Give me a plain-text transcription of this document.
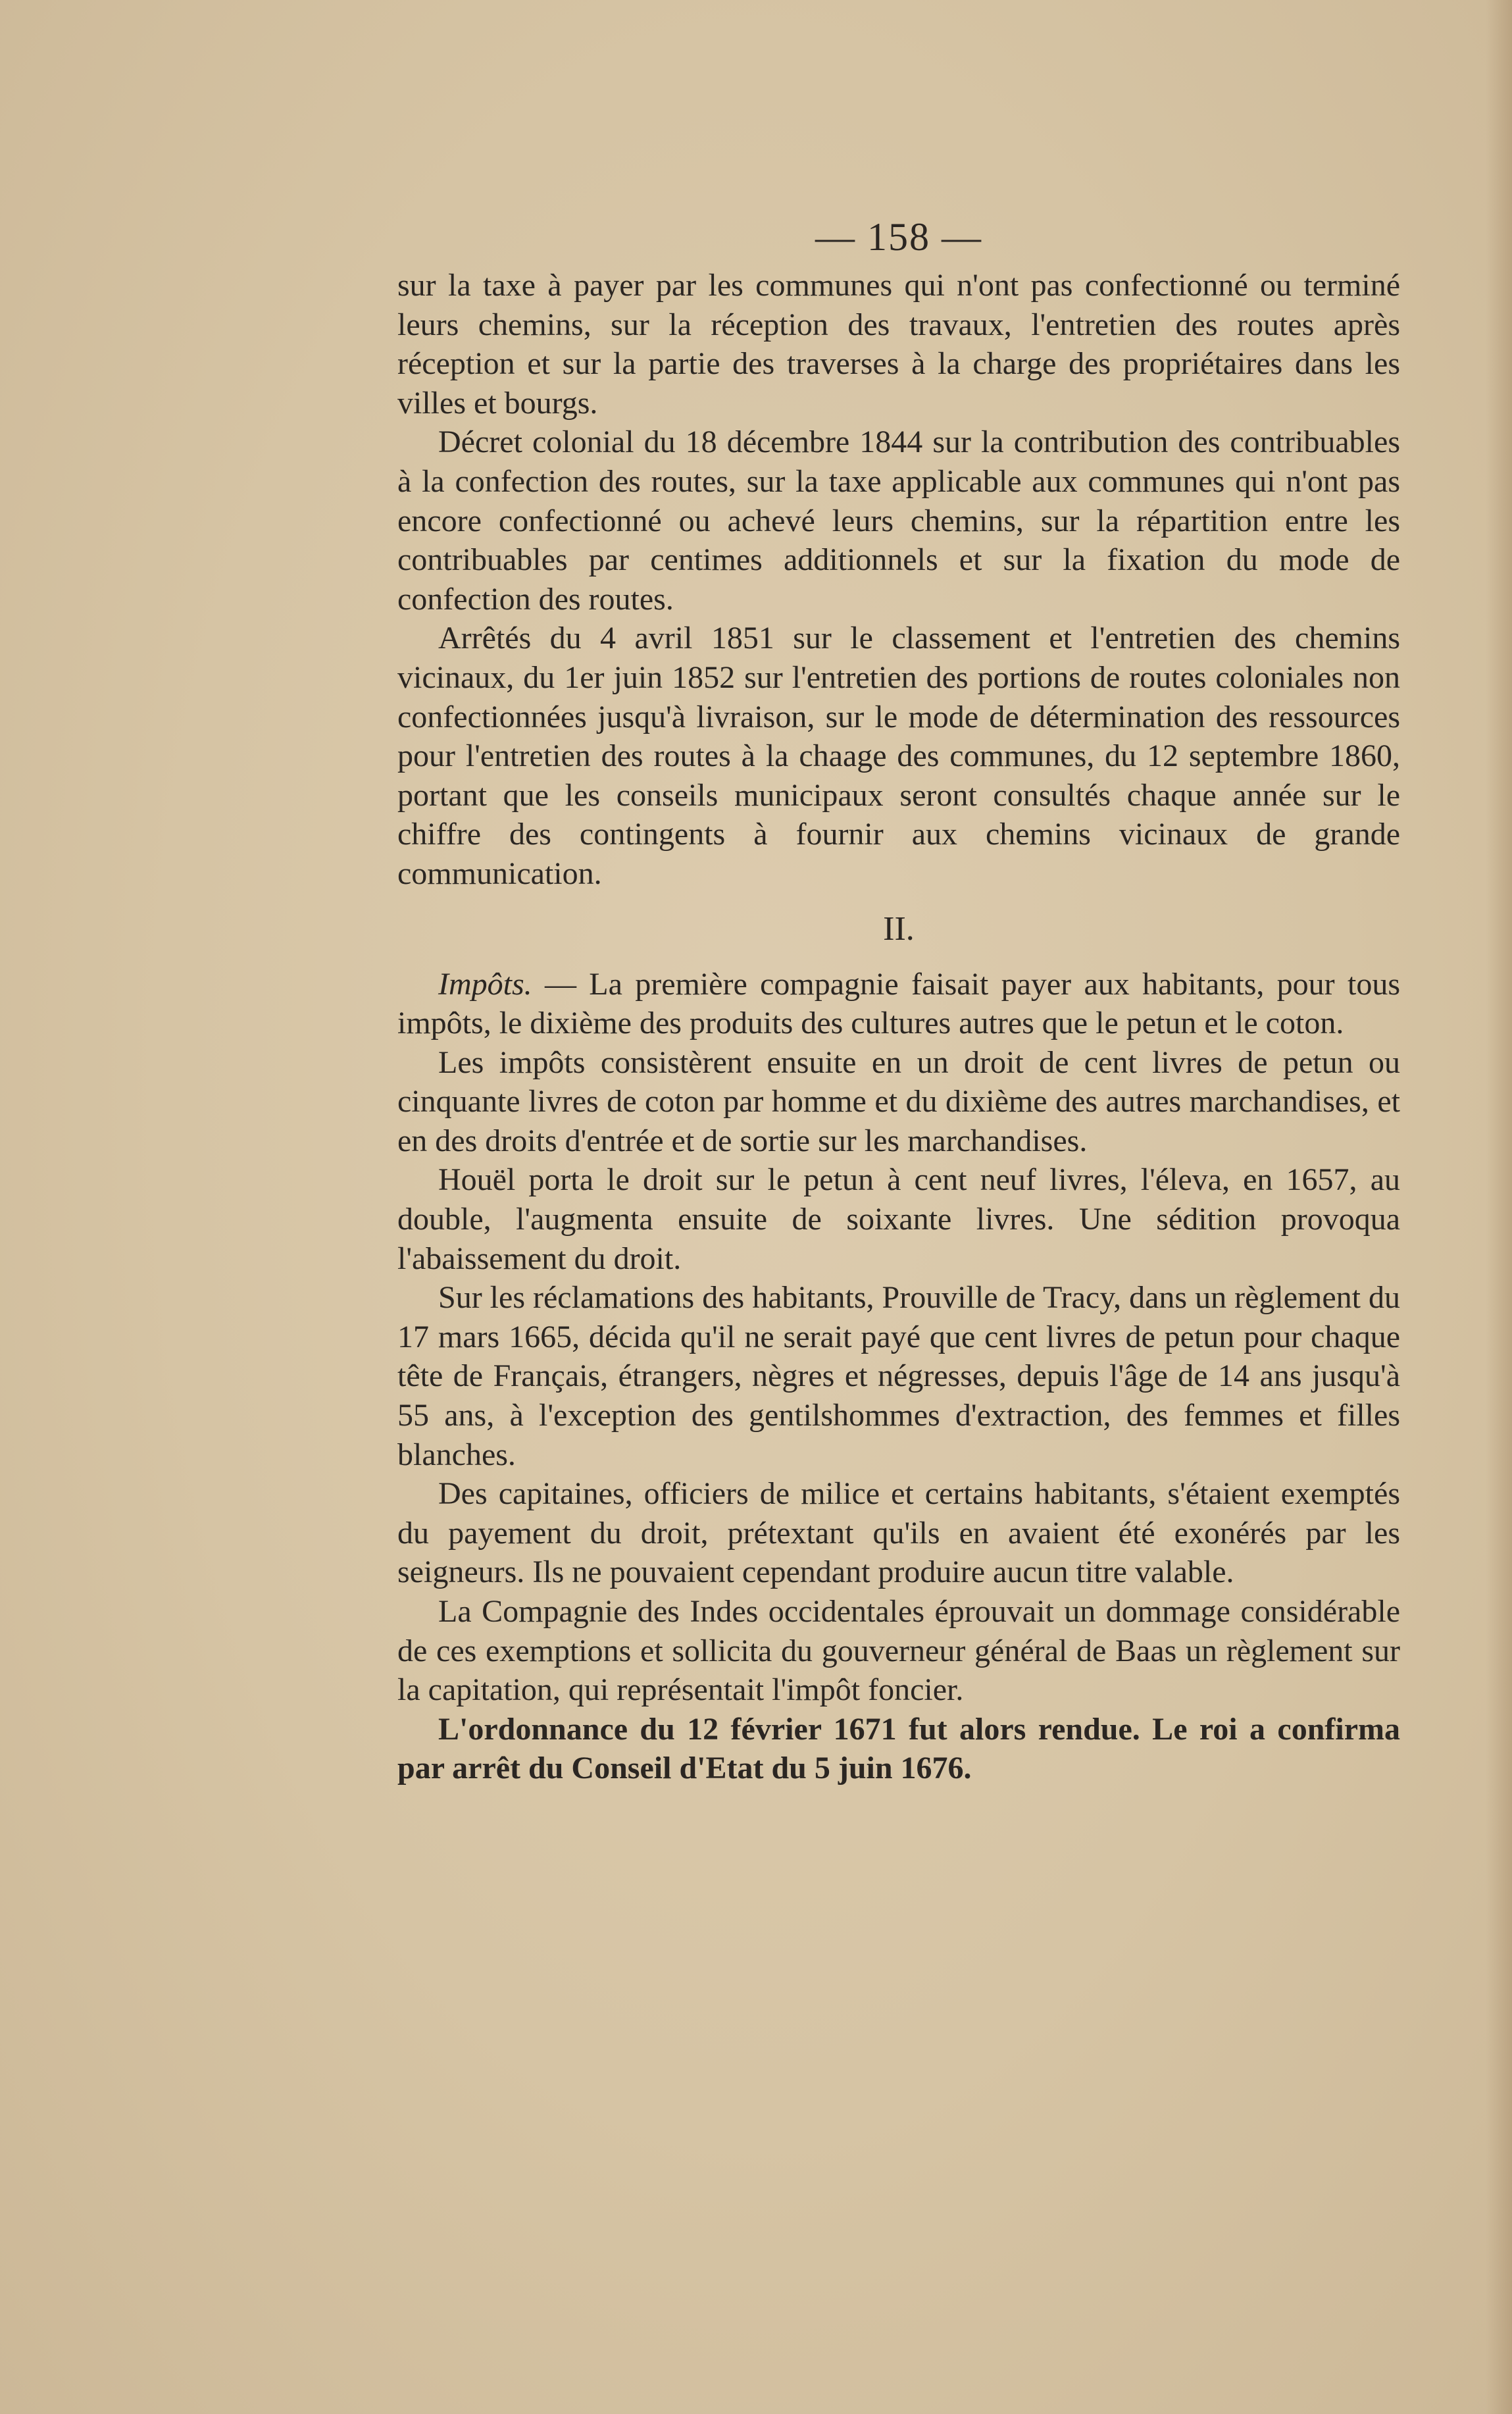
— 158 —

sur la taxe à payer par les communes qui n'ont pas confectionné ou terminé leurs chemins, sur la réception des travaux, l'entretien des routes après réception et sur la partie des traverses à la charge des propriétaires dans les villes et bourgs.

Décret colonial du 18 décembre 1844 sur la contribution des contribuables à la confection des routes, sur la taxe applicable aux communes qui n'ont pas encore confectionné ou achevé leurs chemins, sur la répartition entre les contribuables par centimes additionnels et sur la fixation du mode de confection des routes.

Arrêtés du 4 avril 1851 sur le classement et l'entretien des chemins vicinaux, du 1er juin 1852 sur l'entretien des portions de routes coloniales non confectionnées jusqu'à livraison, sur le mode de détermination des ressources pour l'entretien des routes à la chaage des communes, du 12 septembre 1860, portant que les conseils municipaux seront consultés chaque année sur le chiffre des contingents à fournir aux chemins vicinaux de grande communication.

II.

Impôts. — La première compagnie faisait payer aux habitants, pour tous impôts, le dixième des produits des cultures autres que le petun et le coton.

Les impôts consistèrent ensuite en un droit de cent livres de petun ou cinquante livres de coton par homme et du dixième des autres marchandises, et en des droits d'entrée et de sortie sur les marchandises.

Houël porta le droit sur le petun à cent neuf livres, l'éleva, en 1657, au double, l'augmenta ensuite de soixante livres. Une sédition provoqua l'abaissement du droit.

Sur les réclamations des habitants, Prouville de Tracy, dans un règlement du 17 mars 1665, décida qu'il ne serait payé que cent livres de petun pour chaque tête de Français, étrangers, nègres et négresses, depuis l'âge de 14 ans jusqu'à 55 ans, à l'exception des gentilshommes d'extraction, des femmes et filles blanches.

Des capitaines, officiers de milice et certains habitants, s'étaient exemptés du payement du droit, prétextant qu'ils en avaient été exonérés par les seigneurs. Ils ne pouvaient cependant produire aucun titre valable.

La Compagnie des Indes occidentales éprouvait un dommage considérable de ces exemptions et sollicita du gouverneur général de Baas un règlement sur la capitation, qui représentait l'impôt foncier.

L'ordonnance du 12 février 1671 fut alors rendue. Le roi a confirma par arrêt du Conseil d'Etat du 5 juin 1676.
